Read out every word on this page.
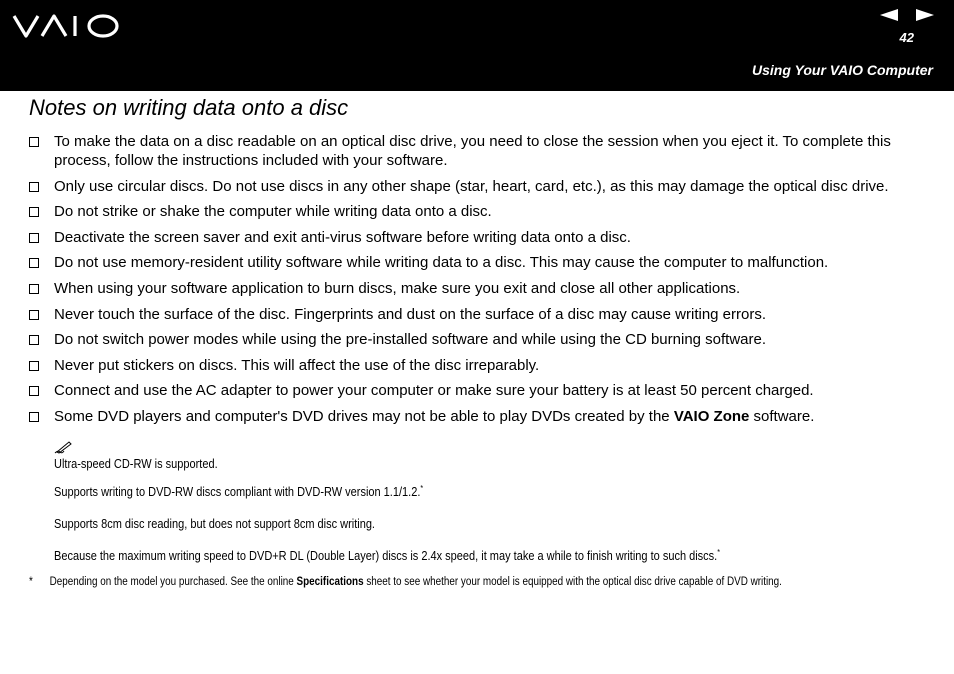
VAIO
42
Using Your VAIO Computer
Notes on writing data onto a disc
To make the data on a disc readable on an optical disc drive, you need to close the session when you eject it. To complete this process, follow the instructions included with your software.
Only use circular discs. Do not use discs in any other shape (star, heart, card, etc.), as this may damage the optical disc drive.
Do not strike or shake the computer while writing data onto a disc.
Deactivate the screen saver and exit anti-virus software before writing data onto a disc.
Do not use memory-resident utility software while writing data to a disc. This may cause the computer to malfunction.
When using your software application to burn discs, make sure you exit and close all other applications.
Never touch the surface of the disc. Fingerprints and dust on the surface of a disc may cause writing errors.
Do not switch power modes while using the pre-installed software and while using the CD burning software.
Never put stickers on discs. This will affect the use of the disc irreparably.
Connect and use the AC adapter to power your computer or make sure your battery is at least 50 percent charged.
Some DVD players and computer's DVD drives may not be able to play DVDs created by the VAIO Zone software.

Ultra-speed CD-RW is supported.

Supports writing to DVD-RW discs compliant with DVD-RW version 1.1/1.2.*

Supports 8cm disc reading, but does not support 8cm disc writing.

Because the maximum writing speed to DVD+R DL (Double Layer) discs is 2.4x speed, it may take a while to finish writing to such discs.*

* Depending on the model you purchased. See the online Specifications sheet to see whether your model is equipped with the optical disc drive capable of DVD writing.
